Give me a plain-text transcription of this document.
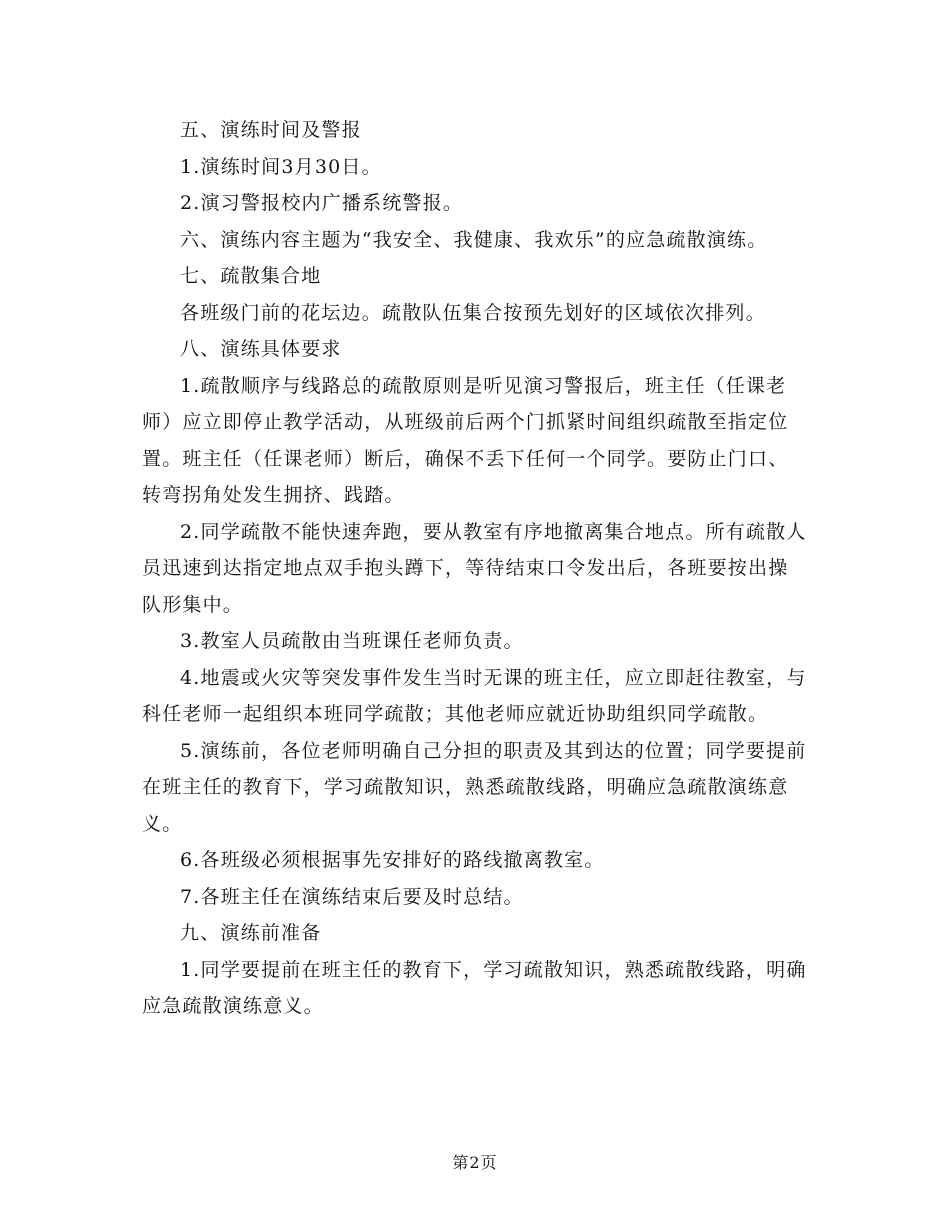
五、演练时间及警报

1.演练时间3月30日。

2.演习警报校内广播系统警报。

六、演练内容主题为“我安全、我健康、我欢乐”的应急疏散演练。

七、疏散集合地

各班级门前的花坛边。疏散队伍集合按预先划好的区域依次排列。

八、演练具体要求

1.疏散顺序与线路总的疏散原则是听见演习警报后，班主任（任课老师）应立即停止教学活动，从班级前后两个门抓紧时间组织疏散至指定位置。班主任（任课老师）断后，确保不丢下任何一个同学。要防止门口、转弯拐角处发生拥挤、践踏。

2.同学疏散不能快速奔跑，要从教室有序地撤离集合地点。所有疏散人员迅速到达指定地点双手抱头蹲下，等待结束口令发出后，各班要按出操队形集中。

3.教室人员疏散由当班课任老师负责。

4.地震或火灾等突发事件发生当时无课的班主任，应立即赶往教室，与科任老师一起组织本班同学疏散；其他老师应就近协助组织同学疏散。

5.演练前，各位老师明确自己分担的职责及其到达的位置；同学要提前在班主任的教育下，学习疏散知识，熟悉疏散线路，明确应急疏散演练意义。

6.各班级必须根据事先安排好的路线撤离教室。

7.各班主任在演练结束后要及时总结。

九、演练前准备

1.同学要提前在班主任的教育下，学习疏散知识，熟悉疏散线路，明确应急疏散演练意义。

第2页
